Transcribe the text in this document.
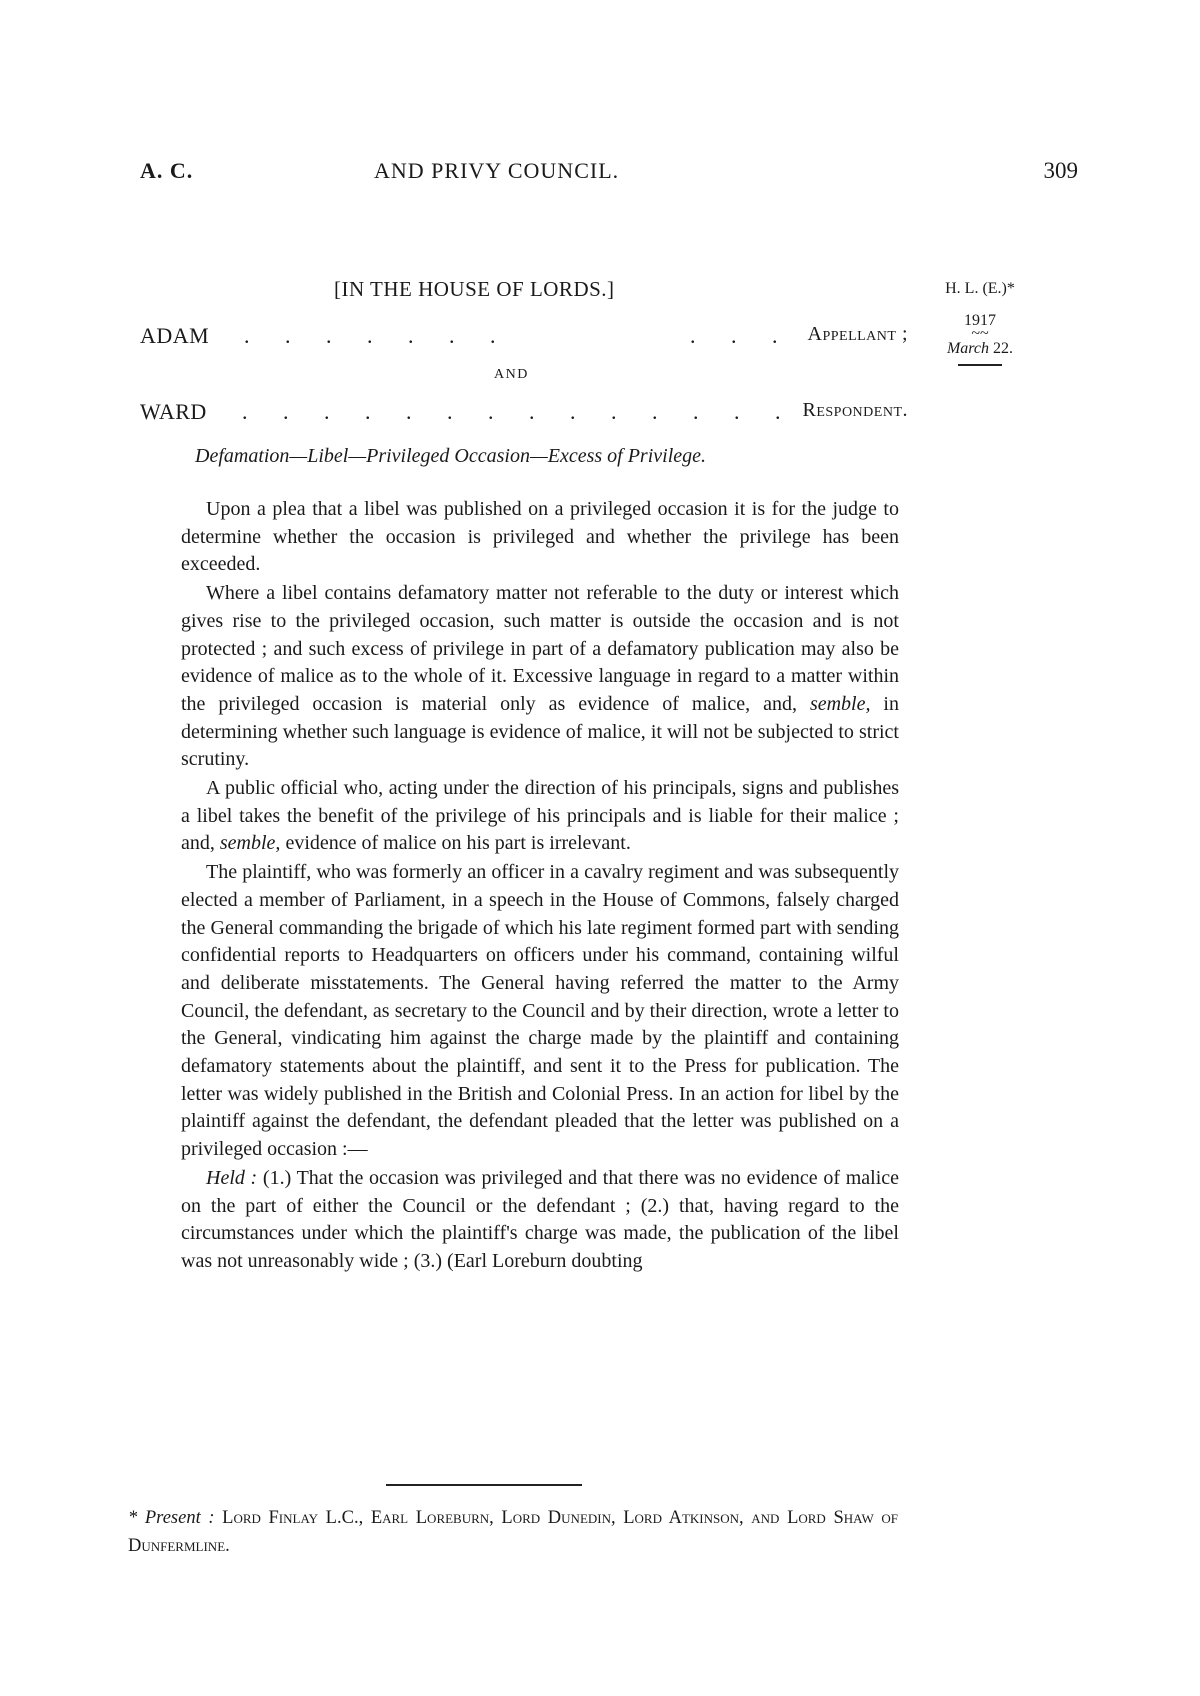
A. C.	AND PRIVY COUNCIL.	309
H. L. (E.)*
1917
~~
March 22.
[IN THE HOUSE OF LORDS.]
ADAM . . . . . . .	. . . Appellant ;
AND
WARD . . . . . . . . . . . . . . Respondent.
Defamation—Libel—Privileged Occasion—Excess of Privilege.

Upon a plea that a libel was published on a privileged occasion it is for the judge to determine whether the occasion is privileged and whether the privilege has been exceeded.

Where a libel contains defamatory matter not referable to the duty or interest which gives rise to the privileged occasion, such matter is outside the occasion and is not protected ; and such excess of privilege in part of a defamatory publication may also be evidence of malice as to the whole of it. Excessive language in regard to a matter within the privileged occasion is material only as evidence of malice, and, semble, in determining whether such language is evidence of malice, it will not be subjected to strict scrutiny.

A public official who, acting under the direction of his principals, signs and publishes a libel takes the benefit of the privilege of his principals and is liable for their malice ; and, semble, evidence of malice on his part is irrelevant.

The plaintiff, who was formerly an officer in a cavalry regiment and was subsequently elected a member of Parliament, in a speech in the House of Commons, falsely charged the General commanding the brigade of which his late regiment formed part with sending confidential reports to Headquarters on officers under his command, containing wilful and deliberate misstatements. The General having referred the matter to the Army Council, the defendant, as secretary to the Council and by their direction, wrote a letter to the General, vindicating him against the charge made by the plaintiff and containing defamatory statements about the plaintiff, and sent it to the Press for publication. The letter was widely published in the British and Colonial Press. In an action for libel by the plaintiff against the defendant, the defendant pleaded that the letter was published on a privileged occasion :—

Held : (1.) That the occasion was privileged and that there was no evidence of malice on the part of either the Council or the defendant ; (2.) that, having regard to the circumstances under which the plaintiff's charge was made, the publication of the libel was not unreasonably wide ; (3.) (Earl Loreburn doubting

* Present : Lord Finlay L.C., Earl Loreburn, Lord Dunedin, Lord Atkinson, and Lord Shaw of Dunfermline.
